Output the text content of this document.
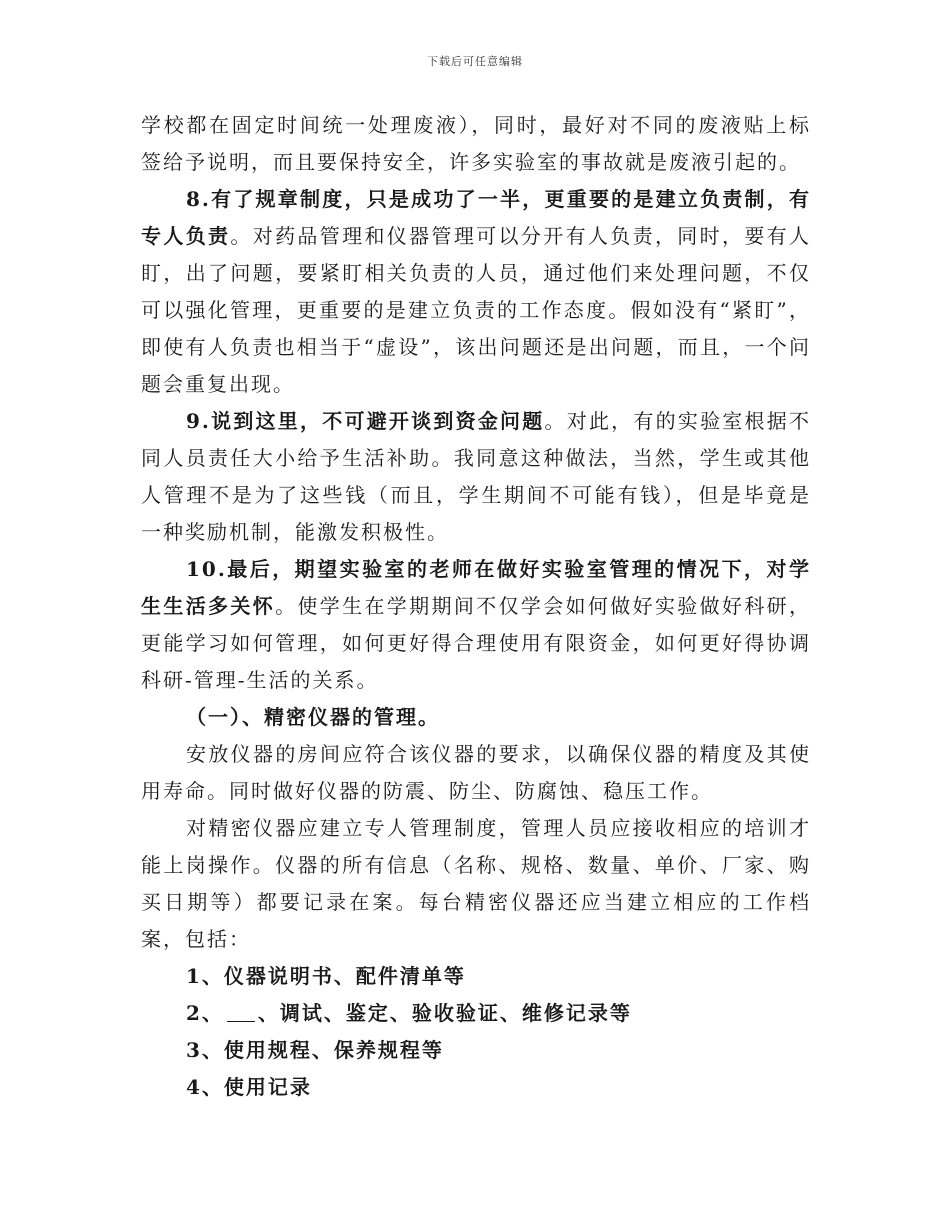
下载后可任意编辑

学校都在固定时间统一处理废液），同时，最好对不同的废液贴上标签给予说明，而且要保持安全，许多实验室的事故就是废液引起的。

8.有了规章制度，只是成功了一半，更重要的是建立负责制，有专人负责。对药品管理和仪器管理可以分开有人负责，同时，要有人盯，出了问题，要紧盯相关负责的人员，通过他们来处理问题，不仅可以强化管理，更重要的是建立负责的工作态度。假如没有“紧盯”，即使有人负责也相当于“虚设”，该出问题还是出问题，而且，一个问题会重复出现。

9.说到这里，不可避开谈到资金问题。对此，有的实验室根据不同人员责任大小给予生活补助。我同意这种做法，当然，学生或其他人管理不是为了这些钱（而且，学生期间不可能有钱），但是毕竟是一种奖励机制，能激发积极性。

10.最后，期望实验室的老师在做好实验室管理的情况下，对学生生活多关怀。使学生在学期期间不仅学会如何做好实验做好科研，更能学习如何管理，如何更好得合理使用有限资金，如何更好得协调科研-管理-生活的关系。

（一）、精密仪器的管理。

安放仪器的房间应符合该仪器的要求，以确保仪器的精度及其使用寿命。同时做好仪器的防震、防尘、防腐蚀、稳压工作。

对精密仪器应建立专人管理制度，管理人员应接收相应的培训才能上岗操作。仪器的所有信息（名称、规格、数量、单价、厂家、购买日期等）都要记录在案。每台精密仪器还应当建立相应的工作档案，包括：

1、仪器说明书、配件清单等

2、 、调试、鉴定、验收验证、维修记录等

3、使用规程、保养规程等

4、使用记录
